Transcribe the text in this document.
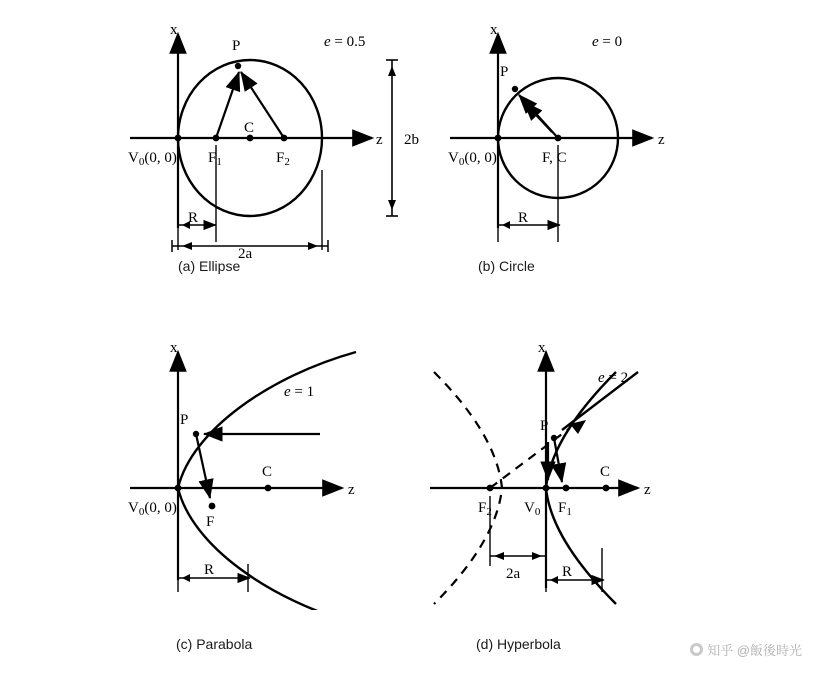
x
z
P
C
$F_1$	$F_2$
$V_0(0$, 0)
e = 0.5
2b
R
2a
(a) Ellipse
x
z
P
F, C
$V_0(0$, 0)
e = 0
R
(b) Circle
x
z
P
C
F
$V_0(0$, 0)
e = 1
R
(c) Parabola
x
z
P
C
$F_2$	$F_1$
$V_0$
e = 2
2a	R
(d) Hyperbola	知乎 @飯後時光
